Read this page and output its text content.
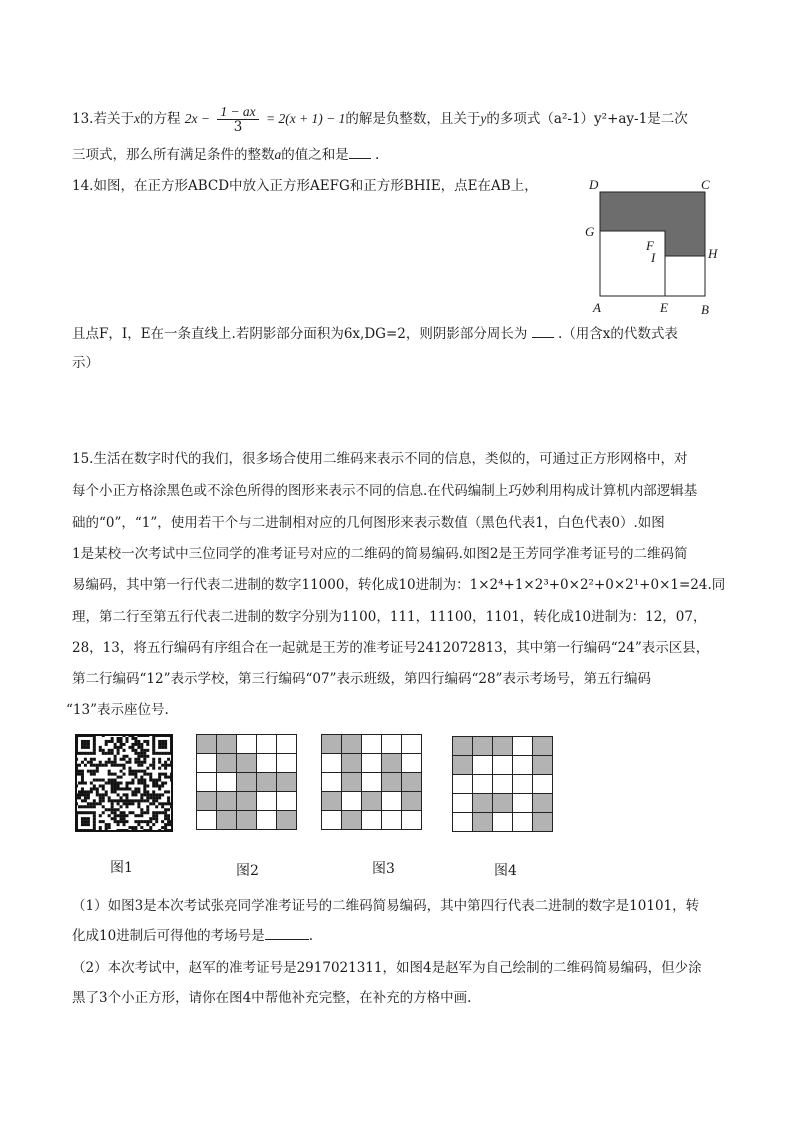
13.若关于x的方程 $2x - \frac{1 - ax}{3} = 2(x + 1) - 1$的解是负整数，且关于y的多项式（a²-1）y²+ay-1是二次
三项式，那么所有满足条件的整数a的值之和是 .
14.如图，在正方形ABCD中放入正方形AEFG和正方形BHIE，点E在AB上，	D	C
G
F
I	H
A	E	B
且点F，I，E在一条直线上.若阴影部分面积为6x,DG=2，则阴影部分周长为 .（用含x的代数式表
示）
15.生活在数字时代的我们，很多场合使用二维码来表示不同的信息，类似的，可通过正方形网格中，对
每个小正方格涂黑色或不涂色所得的图形来表示不同的信息.在代码编制上巧妙利用构成计算机内部逻辑基
础的“0”，“1”，使用若干个与二进制相对应的几何图形来表示数值（黑色代表1，白色代表0）.如图
1是某校一次考试中三位同学的准考证号对应的二维码的简易编码.如图2是王芳同学准考证号的二维码简
易编码，其中第一行代表二进制的数字11000，转化成10进制为：1×2⁴+1×2³+0×2²+0×2¹+0×1=24.同
理，第二行至第五行代表二进制的数字分别为1100，111，11100，1101，转化成10进制为：12，07，
28，13，将五行编码有序组合在一起就是王芳的准考证号2412072813，其中第一行编码“24”表示区县，
第二行编码“12”表示学校，第三行编码“07”表示班级，第四行编码“28”表示考场号，第五行编码
“13”表示座位号.
图1	图2	图3	图4
（1）如图3是本次考试张亮同学准考证号的二维码简易编码，其中第四行代表二进制的数字是10101，转
化成10进制后可得他的考场号是	.
（2）本次考试中，赵军的准考证号是2917021311，如图4是赵军为自己绘制的二维码简易编码，但少涂
黑了3个小正方形，请你在图4中帮他补充完整，在补充的方格中画.
